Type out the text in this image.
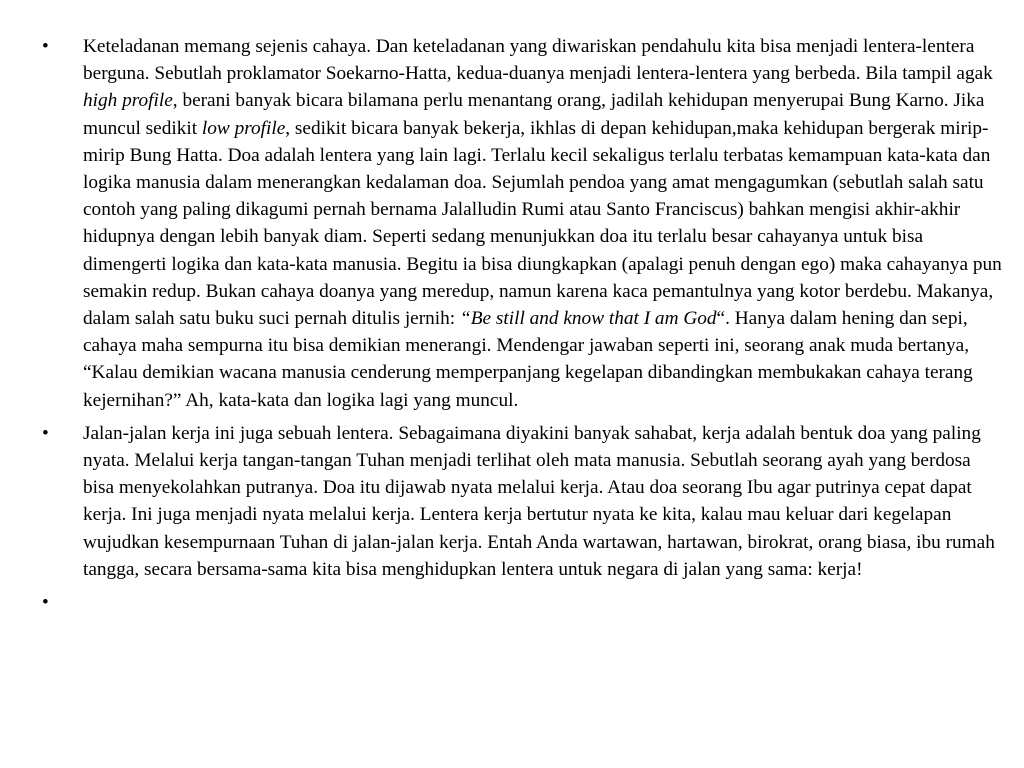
•	Keteladanan memang sejenis cahaya. Dan keteladanan yang diwariskan pendahulu kita bisa menjadi lentera-lentera berguna. Sebutlah proklamator Soekarno-Hatta, kedua-duanya menjadi lentera-lentera yang berbeda. Bila tampil agak high profile, berani banyak bicara bilamana perlu menantang orang, jadilah kehidupan menyerupai Bung Karno. Jika muncul sedikit low profile, sedikit bicara banyak bekerja, ikhlas di depan kehidupan,maka kehidupan bergerak mirip-mirip Bung Hatta. Doa adalah lentera yang lain lagi. Terlalu kecil sekaligus terlalu terbatas kemampuan kata-kata dan logika manusia dalam menerangkan kedalaman doa. Sejumlah pendoa yang amat mengagumkan (sebutlah salah satu contoh yang paling dikagumi pernah bernama Jalalludin Rumi atau Santo Franciscus) bahkan mengisi akhir-akhir hidupnya dengan lebih banyak diam. Seperti sedang menunjukkan doa itu terlalu besar cahayanya untuk bisa dimengerti logika dan kata-kata manusia. Begitu ia bisa diungkapkan (apalagi penuh dengan ego) maka cahayanya pun semakin redup. Bukan cahaya doanya yang meredup, namun karena kaca pemantulnya yang kotor berdebu. Makanya, dalam salah satu buku suci pernah ditulis jernih: “Be still and know that I am God“. Hanya dalam hening dan sepi, cahaya maha sempurna itu bisa demikian menerangi. Mendengar jawaban seperti ini, seorang anak muda bertanya, “Kalau demikian wacana manusia cenderung memperpanjang kegelapan dibandingkan membukakan cahaya terang kejernihan?” Ah, kata-kata dan logika lagi yang muncul.
•	Jalan-jalan kerja ini juga sebuah lentera. Sebagaimana diyakini banyak sahabat, kerja adalah bentuk doa yang paling nyata. Melalui kerja tangan-tangan Tuhan menjadi terlihat oleh mata manusia. Sebutlah seorang ayah yang berdosa bisa menyekolahkan putranya. Doa itu dijawab nyata melalui kerja. Atau doa seorang Ibu agar putrinya cepat dapat kerja. Ini juga menjadi nyata melalui kerja. Lentera kerja bertutur nyata ke kita, kalau mau keluar dari kegelapan wujudkan kesempurnaan Tuhan di jalan-jalan kerja. Entah Anda wartawan, hartawan, birokrat, orang biasa, ibu rumah tangga, secara bersama-sama kita bisa menghidupkan lentera untuk negara di jalan yang sama: kerja!
•
